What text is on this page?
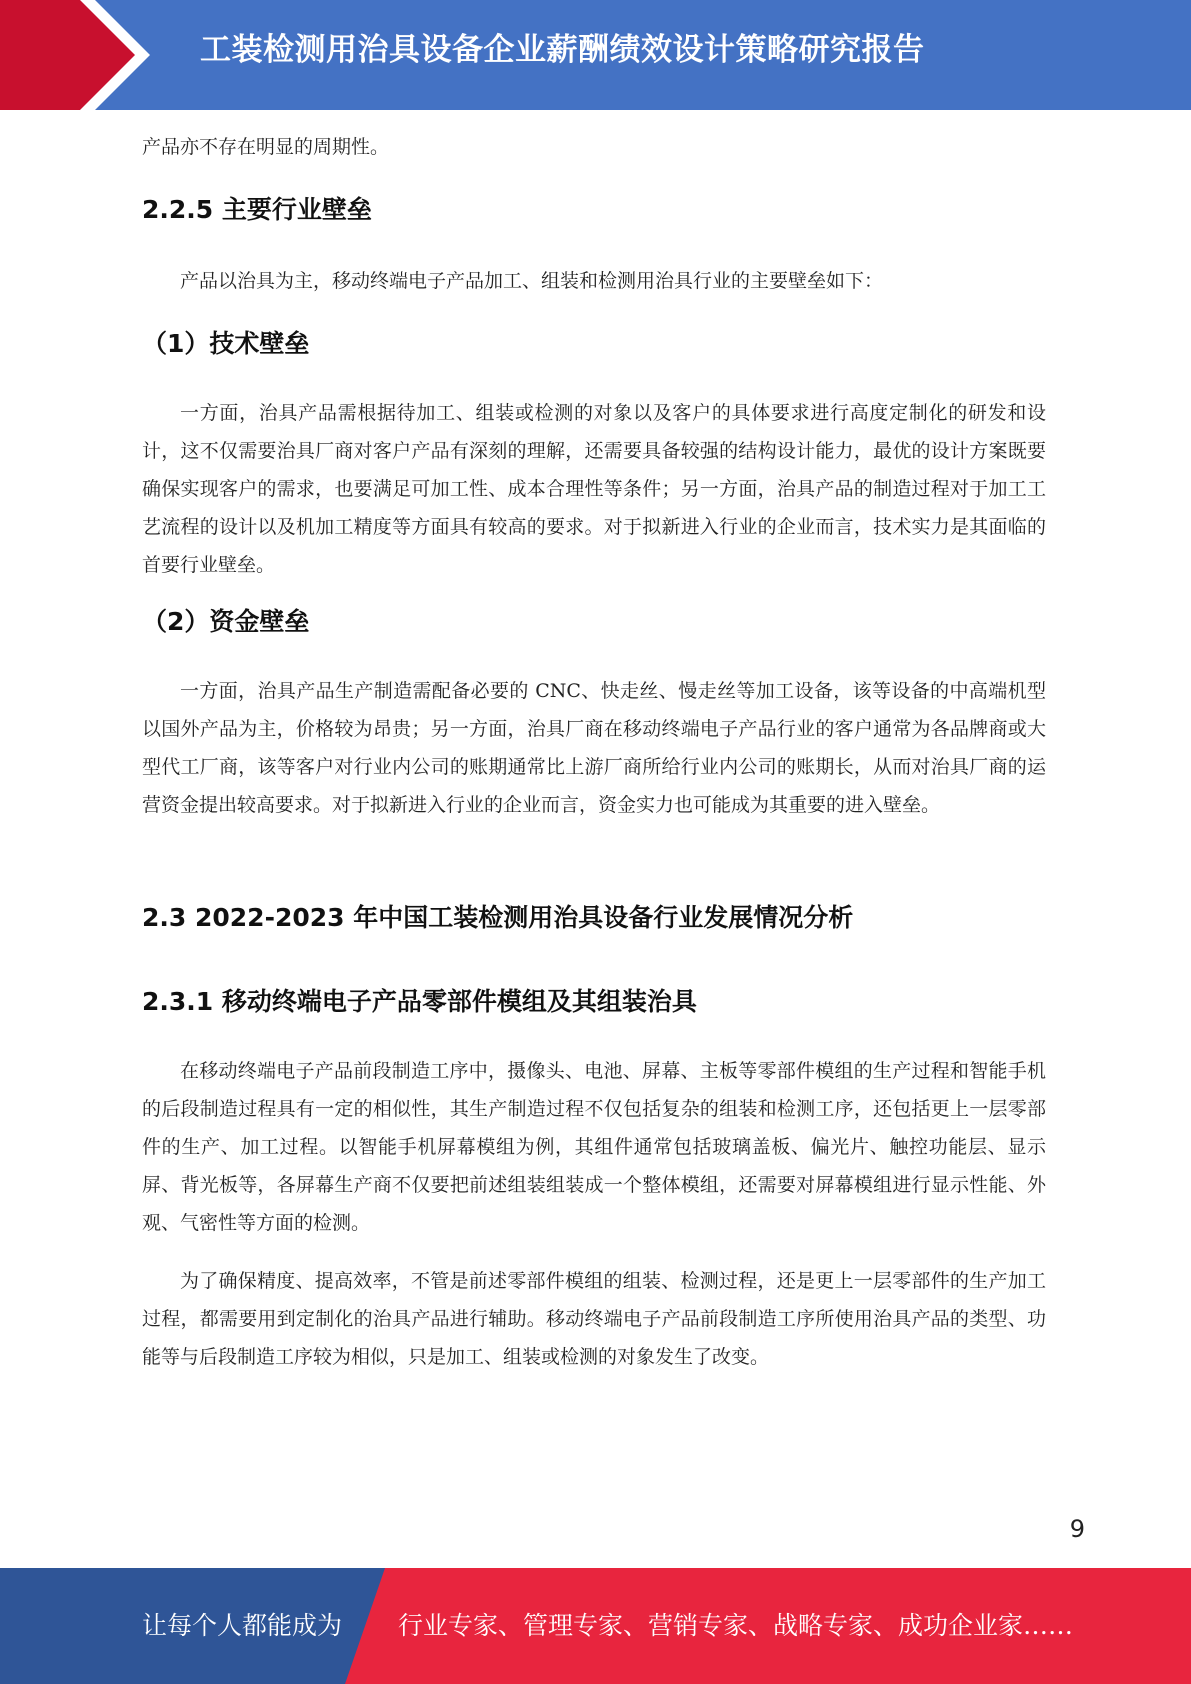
工装检测用治具设备企业薪酬绩效设计策略研究报告

产品亦不存在明显的周期性。

2.2.5 主要行业壁垒

产品以治具为主，移动终端电子产品加工、组装和检测用治具行业的主要壁垒如下：

（1）技术壁垒

一方面，治具产品需根据待加工、组装或检测的对象以及客户的具体要求进行高度定制化的研发和设计，这不仅需要治具厂商对客户产品有深刻的理解，还需要具备较强的结构设计能力，最优的设计方案既要确保实现客户的需求，也要满足可加工性、成本合理性等条件；另一方面，治具产品的制造过程对于加工工艺流程的设计以及机加工精度等方面具有较高的要求。对于拟新进入行业的企业而言，技术实力是其面临的首要行业壁垒。

（2）资金壁垒

一方面，治具产品生产制造需配备必要的 CNC、快走丝、慢走丝等加工设备，该等设备的中高端机型以国外产品为主，价格较为昂贵；另一方面，治具厂商在移动终端电子产品行业的客户通常为各品牌商或大型代工厂商，该等客户对行业内公司的账期通常比上游厂商所给行业内公司的账期长，从而对治具厂商的运营资金提出较高要求。对于拟新进入行业的企业而言，资金实力也可能成为其重要的进入壁垒。

2.3 2022-2023 年中国工装检测用治具设备行业发展情况分析
2.3.1 移动终端电子产品零部件模组及其组装治具

在移动终端电子产品前段制造工序中，摄像头、电池、屏幕、主板等零部件模组的生产过程和智能手机的后段制造过程具有一定的相似性，其生产制造过程不仅包括复杂的组装和检测工序，还包括更上一层零部件的生产、加工过程。以智能手机屏幕模组为例，其组件通常包括玻璃盖板、偏光片、触控功能层、显示屏、背光板等，各屏幕生产商不仅要把前述组装组装成一个整体模组，还需要对屏幕模组进行显示性能、外观、气密性等方面的检测。

为了确保精度、提高效率，不管是前述零部件模组的组装、检测过程，还是更上一层零部件的生产加工过程，都需要用到定制化的治具产品进行辅助。移动终端电子产品前段制造工序所使用治具产品的类型、功能等与后段制造工序较为相似，只是加工、组装或检测的对象发生了改变。

9
让每个人都能成为 行业专家、管理专家、营销专家、战略专家、成功企业家……
